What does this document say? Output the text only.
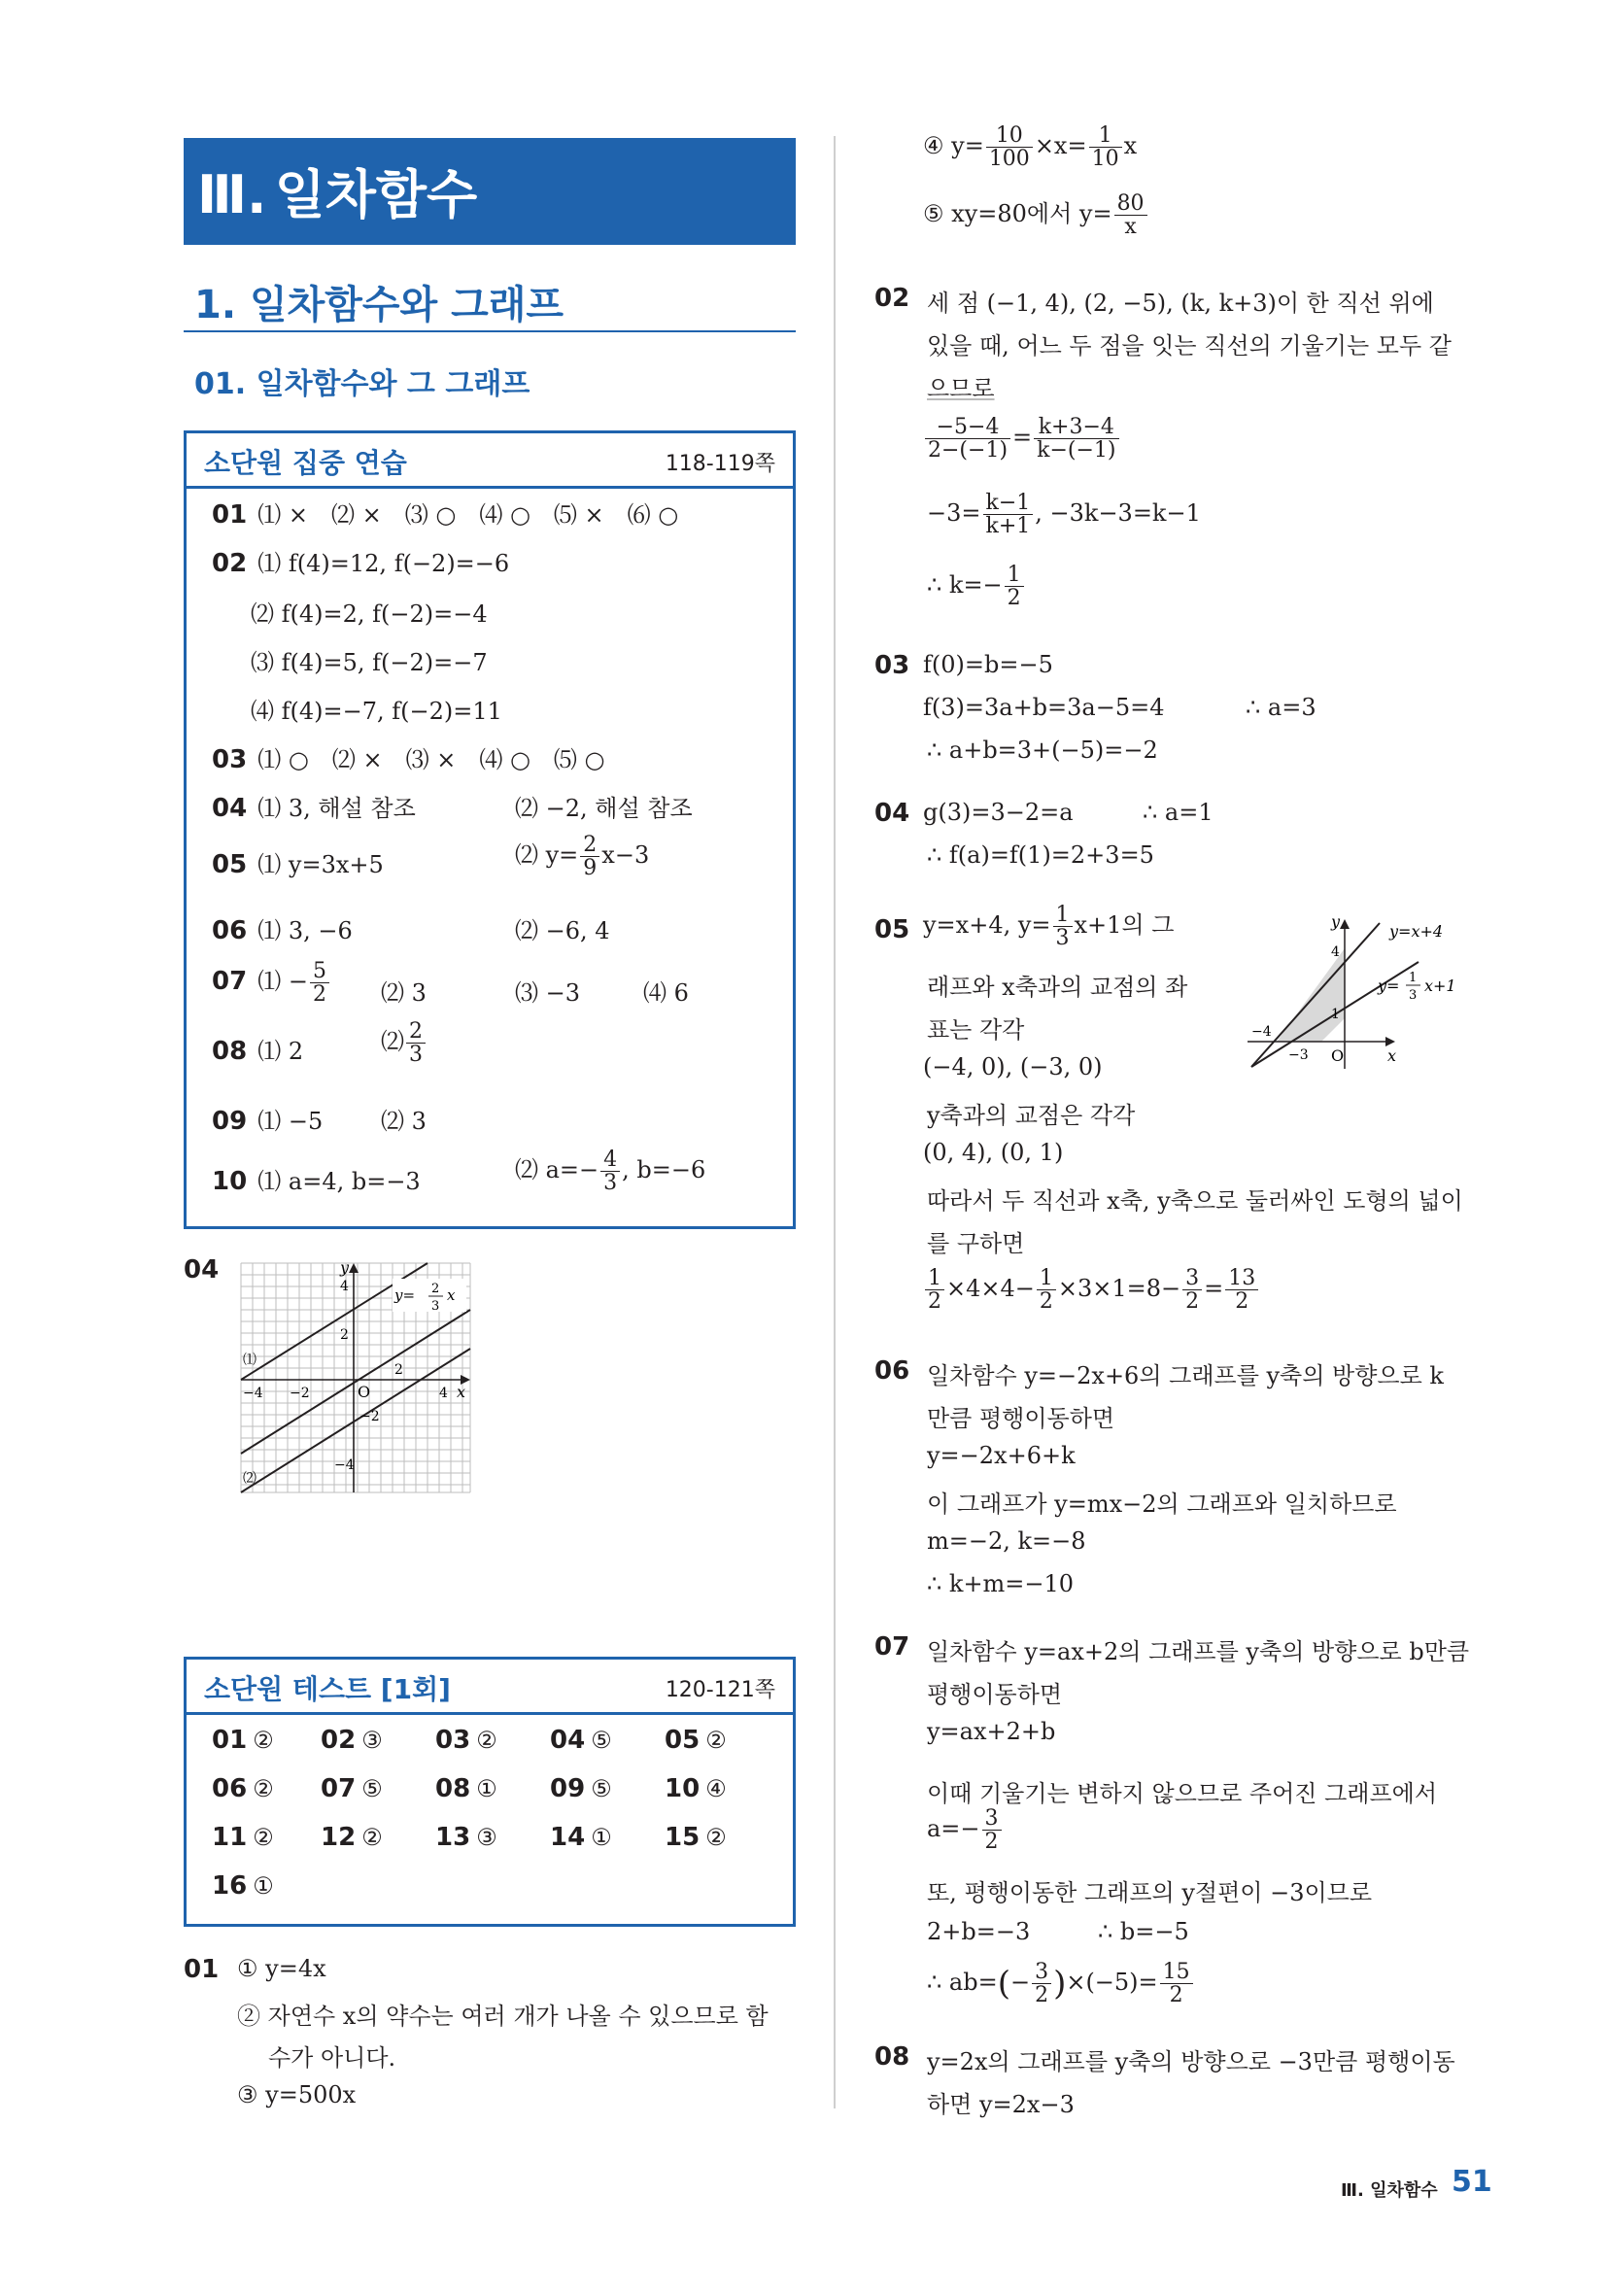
Ⅲ. 일차함수
1. 일차함수와 그래프
01. 일차함수와 그 그래프
소단원 집중 연습	118-119쪽
01 ⑴ ×　⑵ ×　⑶ ○　⑷ ○　⑸ ×　⑹ ○
02 ⑴ f(4)=12, f(−2)=−6
⑵ f(4)=2, f(−2)=−4
⑶ f(4)=5, f(−2)=−7
⑷ f(4)=−7, f(−2)=11
03 ⑴ ○　⑵ ×　⑶ ×　⑷ ○　⑸ ○
04 ⑴ 3, 해설 참조	⑵ −2, 해설 참조
05 ⑴ y=3x+5	⑵ $y= \frac{2}{9} x-3$
06 ⑴ 3, −6	⑵ −6, 4
07 ⑴ − $\frac{5}{2}$ ⑵ 3	⑶ −3	⑷ 6
08 ⑴ 2	⑵ $\frac{2}{3}$
09 ⑴ −5 ⑵ 3
10 ⑴ a=4, b=−3	⑵ $a=- \frac{4}{3}$ , b=−6
04	y
x
O
4
2
−2
−4
2
4
−2
−4
⑴
⑵
y= 2
3
x
소단원 테스트 [1회]	120-121쪽
01 ② 02 ③ 03 ② 04 ⑤ 05 ②
06 ② 07 ⑤ 08 ① 09 ⑤ 10 ④
11 ② 12 ② 13 ③ 14 ① 15 ②
16 ①
01 ① y=4x
② 자연수 x의 약수는 여러 개가 나올 수 있으므로 함
수가 아니다.
③ y=500x
④ $y= \frac{10}{100} \times x= \frac{1}{10}$ x
⑤ xy=80에서 $y= \frac{80}{x}$
02 세 점 (−1, 4), (2, −5), (k, k+3)이 한 직선 위에
있을 때, 어느 두 점을 잇는 직선의 기울기는 모두 같
으므로
$\frac{-5-4}{2-(-1)} = \frac{k+3-4}{k-(-1)}$
$-3= \frac{k-1}{k+1}$ , −3k−3=k−1
∴ $k=- \frac{1}{2}$
03 f(0)=b=−5
f(3)=3a+b=3a−5=4	∴ a=3
∴ a+b=3+(−5)=−2
04 g(3)=3−2=a	∴ a=1
∴ f(a)=f(1)=2+3=5
05 y=x+4, $y= \frac{1}{3} x+1$의 그
래프와 x축과의 교점의 좌
표는 각각
(−4, 0), (−3, 0)
y축과의 교점은 각각
(0, 4), (0, 1)
따라서 두 직선과 x축, y축으로 둘러싸인 도형의 넓이
를 구하면
$\frac{1}{2} \times 4\times 4- \frac{1}{2} \times 3\times 1=8- \frac{3}{2} = \frac{13}{2}$
y
x
O
4
1
−4
−3
y=x+4
y= 1
3
x+1
06 일차함수 y=−2x+6의 그래프를 y축의 방향으로 k
만큼 평행이동하면
y=−2x+6+k
이 그래프가 y=mx−2의 그래프와 일치하므로
m=−2, k=−8
∴ k+m=−10
07 일차함수 y=ax+2의 그래프를 y축의 방향으로 b만큼
평행이동하면
y=ax+2+b
이때 기울기는 변하지 않으므로 주어진 그래프에서
$a=- \frac{3}{2}$
또, 평행이동한 그래프의 y절편이 −3이므로
2+b=−3	∴ b=−5
∴ $ab=(- \frac{3}{2} )\times(-5)= \frac{15}{2}$
08 y=2x의 그래프를 y축의 방향으로 −3만큼 평행이동
하면 y=2x−3
Ⅲ. 일차함수 51
